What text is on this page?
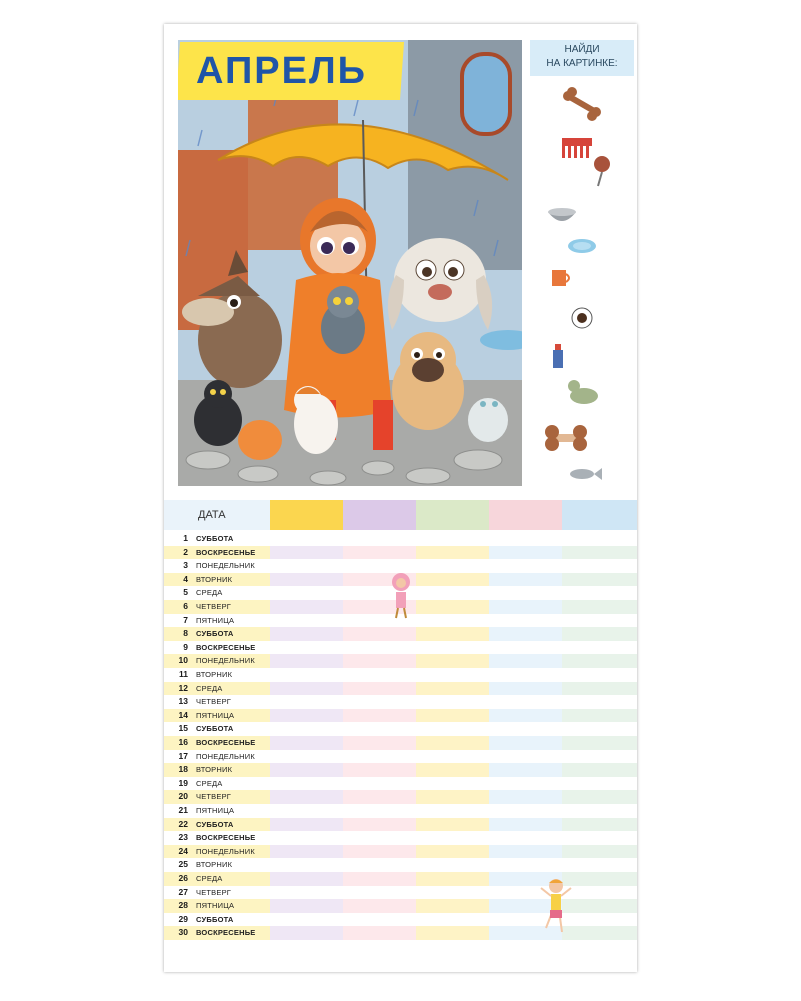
АПРЕЛЬ
НАЙДИ
НА КАРТИНКЕ:
ДАТА
1 СУББОТА
2 ВОСКРЕСЕНЬЕ
3 ПОНЕДЕЛЬНИК
4 ВТОРНИК
5 СРЕДА
6 ЧЕТВЕРГ
7 ПЯТНИЦА
8 СУББОТА
9 ВОСКРЕСЕНЬЕ
10 ПОНЕДЕЛЬНИК
11 ВТОРНИК
12 СРЕДА
13 ЧЕТВЕРГ
14 ПЯТНИЦА
15 СУББОТА
16 ВОСКРЕСЕНЬЕ
17 ПОНЕДЕЛЬНИК
18 ВТОРНИК
19 СРЕДА
20 ЧЕТВЕРГ
21 ПЯТНИЦА
22 СУББОТА
23 ВОСКРЕСЕНЬЕ
24 ПОНЕДЕЛЬНИК
25 ВТОРНИК
26 СРЕДА
27 ЧЕТВЕРГ
28 ПЯТНИЦА
29 СУББОТА
30 ВОСКРЕСЕНЬЕ
